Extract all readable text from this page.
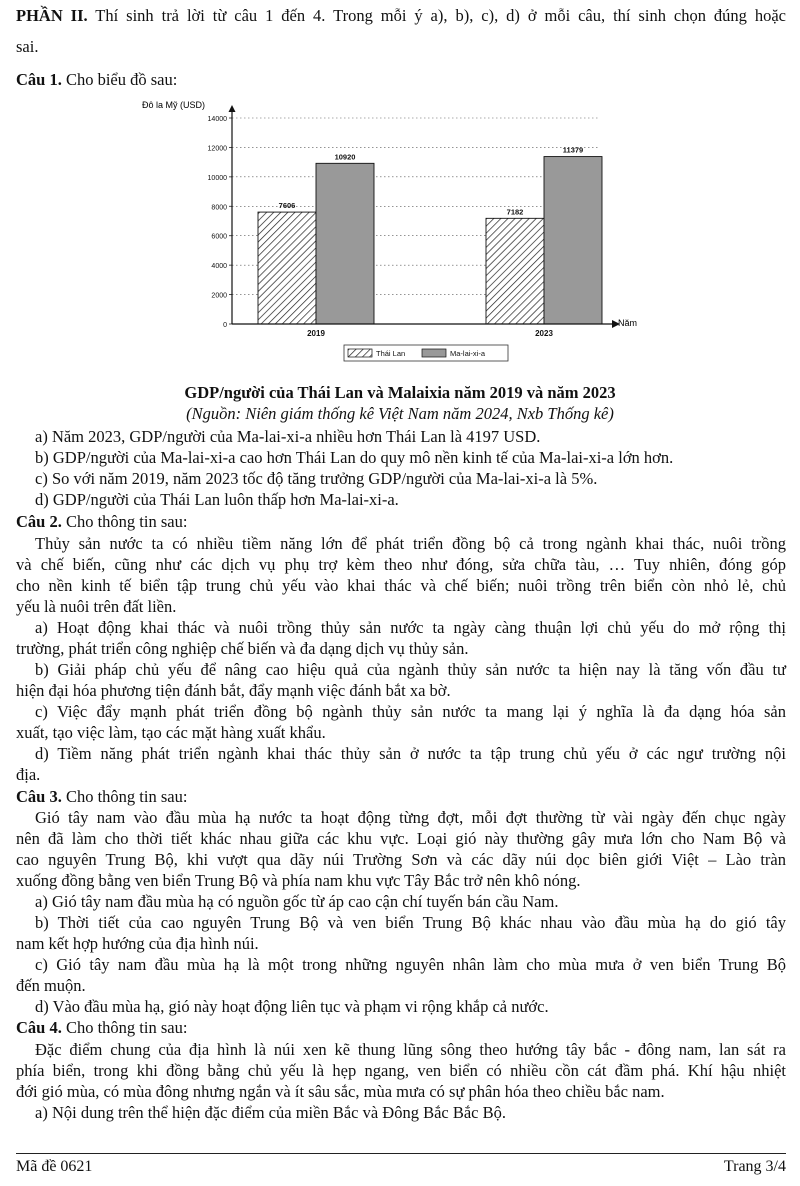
PHẦN II. Thí sinh trả lời từ câu 1 đến 4. Trong mỗi ý a), b), c), d) ở mỗi câu, thí sinh chọn đúng hoặc
sai.
Câu 1. Cho biểu đồ sau:
0
2000
4000
6000
8000
10000
12000
14000
7606
10920
2019
7182
11379
2023
Đô la Mỹ (USD)
Năm
Thái Lan	Ma-lai-xi-a
GDP/người của Thái Lan và Malaixia năm 2019 và năm 2023
(Nguồn: Niên giám thống kê Việt Nam năm 2024, Nxb Thống kê)
a) Năm 2023, GDP/người của Ma-lai-xi-a nhiều hơn Thái Lan là 4197 USD.
b) GDP/người của Ma-lai-xi-a cao hơn Thái Lan do quy mô nền kinh tế của Ma-lai-xi-a lớn hơn.
c) So với năm 2019, năm 2023 tốc độ tăng trưởng GDP/người của Ma-lai-xi-a là 5%.
d) GDP/người của Thái Lan luôn thấp hơn Ma-lai-xi-a.
Câu 2. Cho thông tin sau:
Thủy sản nước ta có nhiều tiềm năng lớn để phát triển đồng bộ cả trong ngành khai thác, nuôi trồng
và chế biến, cũng như các dịch vụ phụ trợ kèm theo như đóng, sửa chữa tàu, … Tuy nhiên, đóng góp
cho nền kinh tế biển tập trung chủ yếu vào khai thác và chế biến; nuôi trồng trên biển còn nhỏ lẻ, chủ
yếu là nuôi trên đất liền.
a) Hoạt động khai thác và nuôi trồng thủy sản nước ta ngày càng thuận lợi chủ yếu do mở rộng thị
trường, phát triển công nghiệp chế biến và đa dạng dịch vụ thủy sản.
b) Giải pháp chủ yếu để nâng cao hiệu quả của ngành thủy sản nước ta hiện nay là tăng vốn đầu tư
hiện đại hóa phương tiện đánh bắt, đẩy mạnh việc đánh bắt xa bờ.
c) Việc đẩy mạnh phát triển đồng bộ ngành thủy sản nước ta mang lại ý nghĩa là đa dạng hóa sản
xuất, tạo việc làm, tạo các mặt hàng xuất khẩu.
d) Tiềm năng phát triển ngành khai thác thủy sản ở nước ta tập trung chủ yếu ở các ngư trường nội
địa.
Câu 3. Cho thông tin sau:
Gió tây nam vào đầu mùa hạ nước ta hoạt động từng đợt, mỗi đợt thường từ vài ngày đến chục ngày
nên đã làm cho thời tiết khác nhau giữa các khu vực. Loại gió này thường gây mưa lớn cho Nam Bộ và
cao nguyên Trung Bộ, khi vượt qua dãy núi Trường Sơn và các dãy núi dọc biên giới Việt – Lào tràn
xuống đồng bằng ven biển Trung Bộ và phía nam khu vực Tây Bắc trở nên khô nóng.
a) Gió tây nam đầu mùa hạ có nguồn gốc từ áp cao cận chí tuyến bán cầu Nam.
b) Thời tiết của cao nguyên Trung Bộ và ven biển Trung Bộ khác nhau vào đầu mùa hạ do gió tây
nam kết hợp hướng của địa hình núi.
c) Gió tây nam đầu mùa hạ là một trong những nguyên nhân làm cho mùa mưa ở ven biển Trung Bộ
đến muộn.
d) Vào đầu mùa hạ, gió này hoạt động liên tục và phạm vi rộng khắp cả nước.
Câu 4. Cho thông tin sau:
Đặc điểm chung của địa hình là núi xen kẽ thung lũng sông theo hướng tây bắc - đông nam, lan sát ra
phía biển, trong khi đồng bằng chủ yếu là hẹp ngang, ven biển có nhiều cồn cát đầm phá. Khí hậu nhiệt
đới gió mùa, có mùa đông nhưng ngắn và ít sâu sắc, mùa mưa có sự phân hóa theo chiều bắc nam.
a) Nội dung trên thể hiện đặc điểm của miền Bắc và Đông Bắc Bắc Bộ.
Mã đề 0621	Trang 3/4
